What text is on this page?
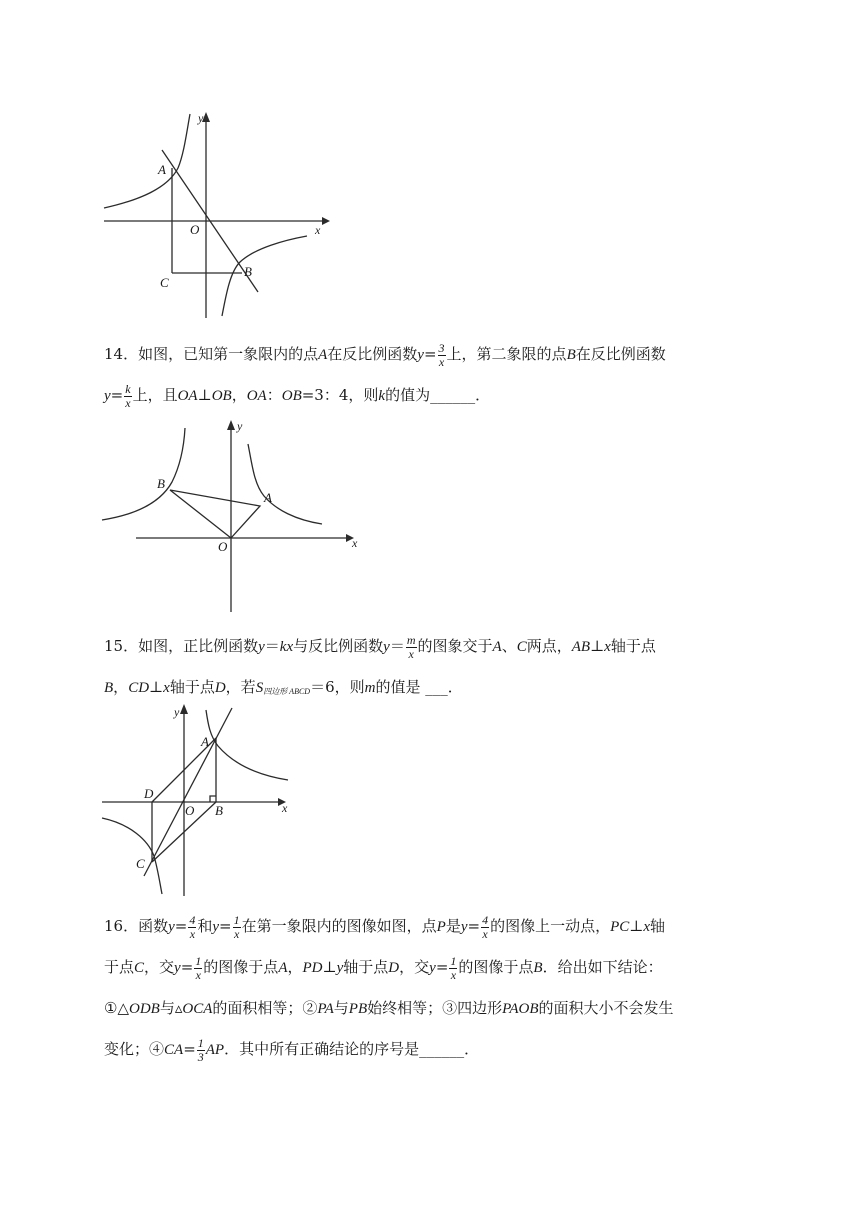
y
x
A
O
C
B
14．如图，已知第一象限内的点A在反比例函数$y= \frac{3}{x}$ 上，第二象限的点B在反比例函数
$y= \frac{k}{x}$ 上，且OA⊥OB，OA：OB=3：4，则k的值为______．
y
x
B
A
O
15．如图，正比例函数y＝kx与反比例函数$y= \frac{m}{x}$ 的图象交于A、C两点，AB⊥x轴于点
B，CD⊥x轴于点D，若$S_{四边形 ABCD}=6$，则m的值是 ___．
y
A
D
O B	x
C
16．函数$y= \frac{4}{x}$ 和$y= \frac{1}{x}$ 在第一象限内的图像如图，点P是$y= \frac{4}{x}$ 的图像上一动点，PC⊥x轴
于点C，交$y= \frac{1}{x}$ 的图像于点A，PD⊥y轴于点D，交$y= \frac{1}{x}$ 的图像于点B．给出如下结论：
①△ODB与▵OCA的面积相等；②PA与PB始终相等；③四边形PAOB的面积大小不会发生
变化；④CA= $\frac{1}{3}$ AP．其中所有正确结论的序号是______．
